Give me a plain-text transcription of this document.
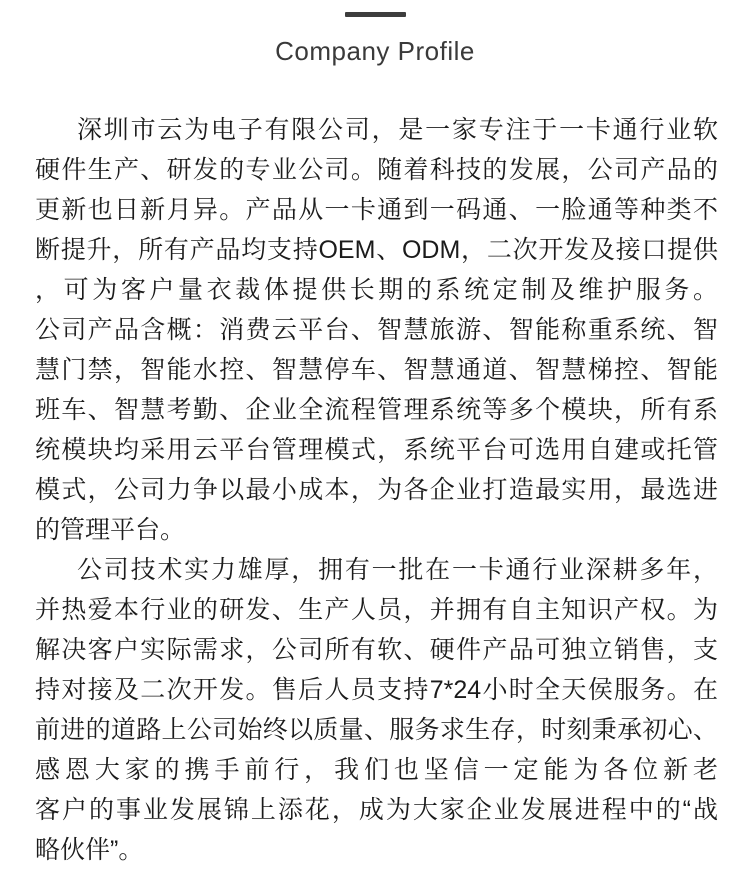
Company Profile
深圳市云为电子有限公司，是一家专注于一卡通行业软
硬件生产、研发的专业公司。随着科技的发展，公司产品的
更新也日新月异。产品从一卡通到一码通、一脸通等种类不
断提升，所有产品均支持OEM、ODM，二次开发及接口提供
，可为客户量衣裁体提供长期的系统定制及维护服务。
公司产品含概：消费云平台、智慧旅游、智能称重系统、智
慧门禁，智能水控、智慧停车、智慧通道、智慧梯控、智能
班车、智慧考勤、企业全流程管理系统等多个模块，所有系
统模块均采用云平台管理模式，系统平台可选用自建或托管
模式，公司力争以最小成本，为各企业打造最实用，最选进
的管理平台。
公司技术实力雄厚，拥有一批在一卡通行业深耕多年，
并热爱本行业的研发、生产人员，并拥有自主知识产权。为
解决客户实际需求，公司所有软、硬件产品可独立销售，支
持对接及二次开发。售后人员支持7*24小时全天侯服务。在
前进的道路上公司始终以质量、服务求生存，时刻秉承初心、
感恩大家的携手前行，我们也坚信一定能为各位新老
客户的事业发展锦上添花，成为大家企业发展进程中的“战
略伙伴”。
